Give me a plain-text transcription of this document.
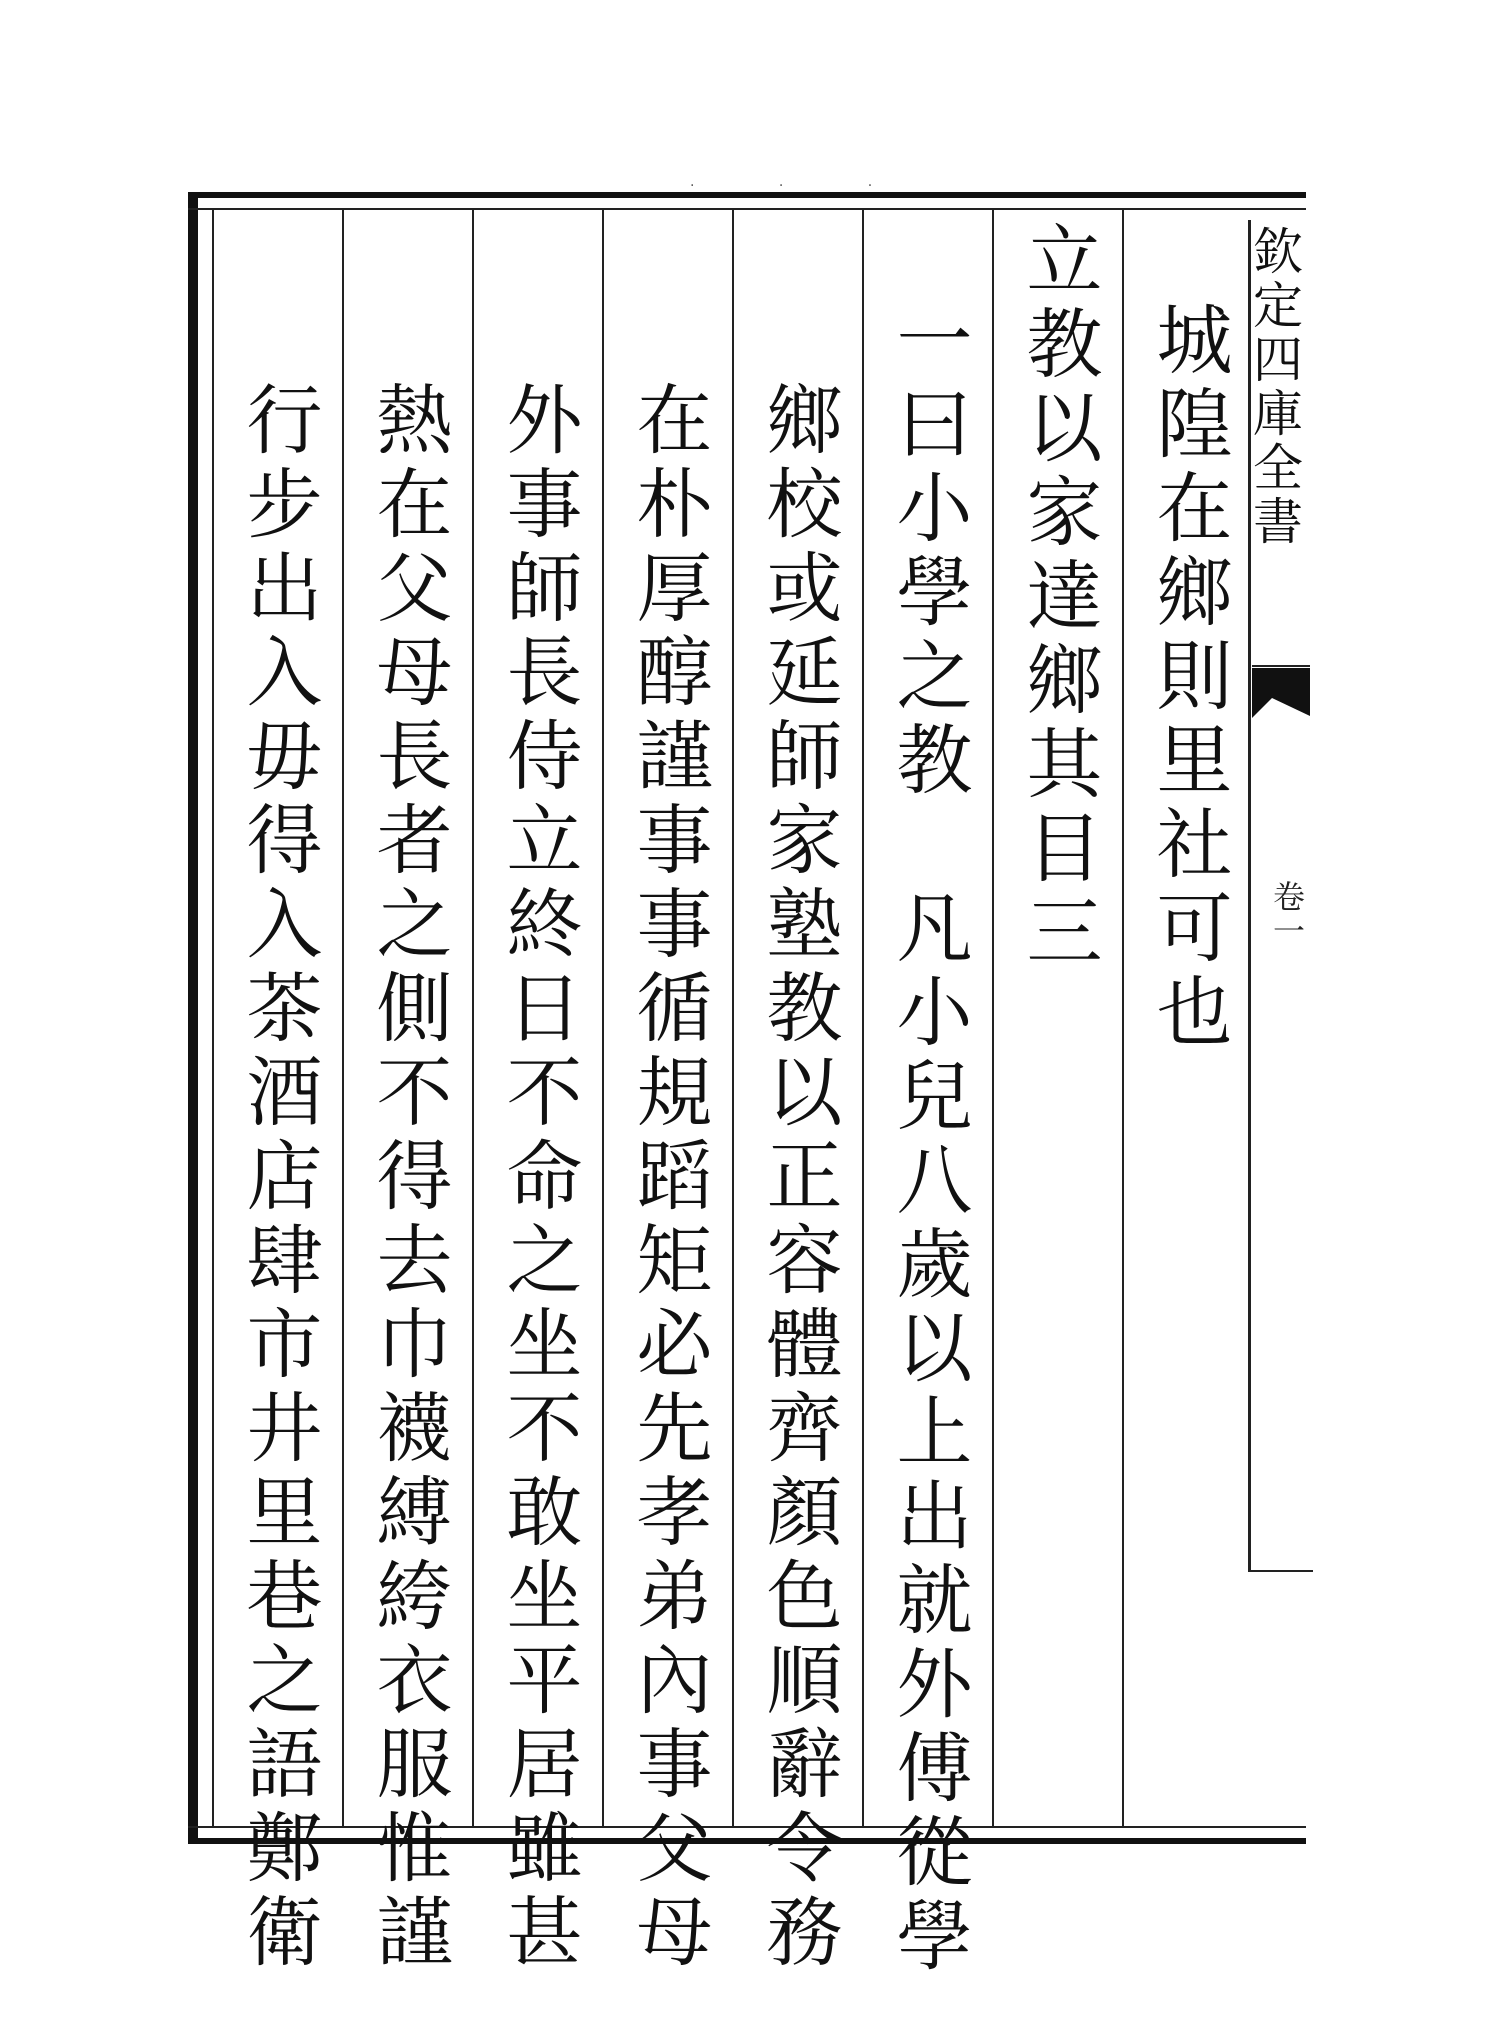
· · ·
城隍在鄉則里社可也
立教以家達鄉其目三
一曰小學之教　凡小兒八歲以上出就外傅從學
鄉校或延師家塾教以正容體齊顏色順辭令務
在朴厚醇謹事事循規蹈矩必先孝弟內事父母
外事師長侍立終日不命之坐不敢坐平居雖甚
熱在父母長者之側不得去巾襪縛絝衣服惟謹
行步出入毋得入茶酒店肆市井里巷之語鄭衛	欽定四庫全書
卷一
